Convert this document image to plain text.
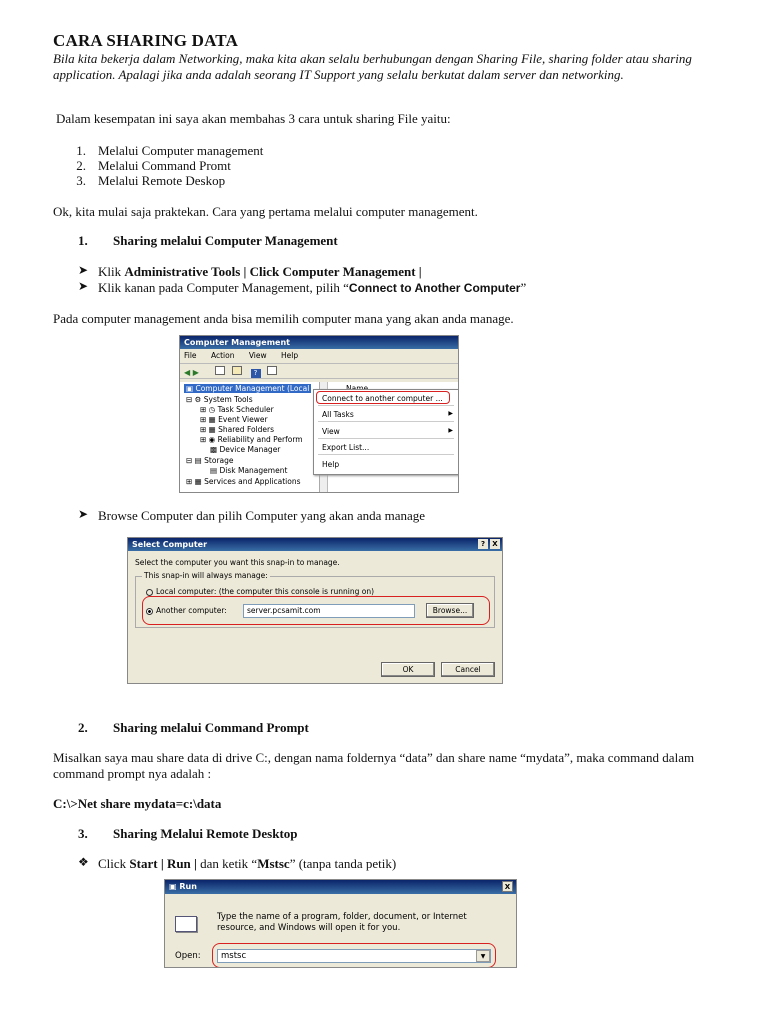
CARA SHARING DATA
Bila kita bekerja dalam Networking, maka kita akan selalu berhubungan dengan Sharing File, sharing folder atau sharing application. Apalagi jika anda adalah seorang IT Support yang selalu berkutat dalam server dan networking.
Dalam kesempatan ini saya akan membahas 3 cara untuk sharing File yaitu:
1. Melalui Computer management
2. Melalui Command Promt
3. Melalui Remote Deskop
Ok, kita mulai saja praktekan. Cara yang pertama melalui computer management.
1. Sharing melalui Computer Management
➤ Klik Administrative Tools | Click Computer Management |
➤ Klik kanan pada Computer Management, pilih “Connect to Another Computer”
Pada computer management anda bisa memilih computer mana yang akan anda manage.
Computer Management
File Action View Help
◀ ▶	?
▣ Computer Management (Local
⊟ ⚙ System Tools
⊞ ◷ Task Scheduler
⊞ ▦ Event Viewer
⊞ ▦ Shared Folders
⊞ ◉ Reliability and Perform
▩ Device Manager
⊟ ▤ Storage
▤ Disk Management
⊞ ▦ Services and Applications
Connect to another computer ...
All Tasks	▶
View	▶
Export List...
Help
➤ Browse Computer dan pilih Computer yang akan anda manage
Select Computer	?	X
Select the computer you want this snap-in to manage.
This snap-in will always manage:
Local computer: (the computer this console is running on)
Another computer:	server.pcsamit.com	Browse...
OK	Cancel
2. Sharing melalui Command Prompt
Misalkan saya mau share data di drive C:, dengan nama foldernya “data” dan share name “mydata”, maka command dalam command prompt nya adalah :
C:\>Net share mydata=c:\data
3. Sharing Melalui Remote Desktop
❖ Click Start | Run | dan ketik “Mstsc” (tanpa tanda petik)
▣ Run	X
Type the name of a program, folder, document, or Internet resource, and Windows will open it for you.
Open:	mstsc	▼
